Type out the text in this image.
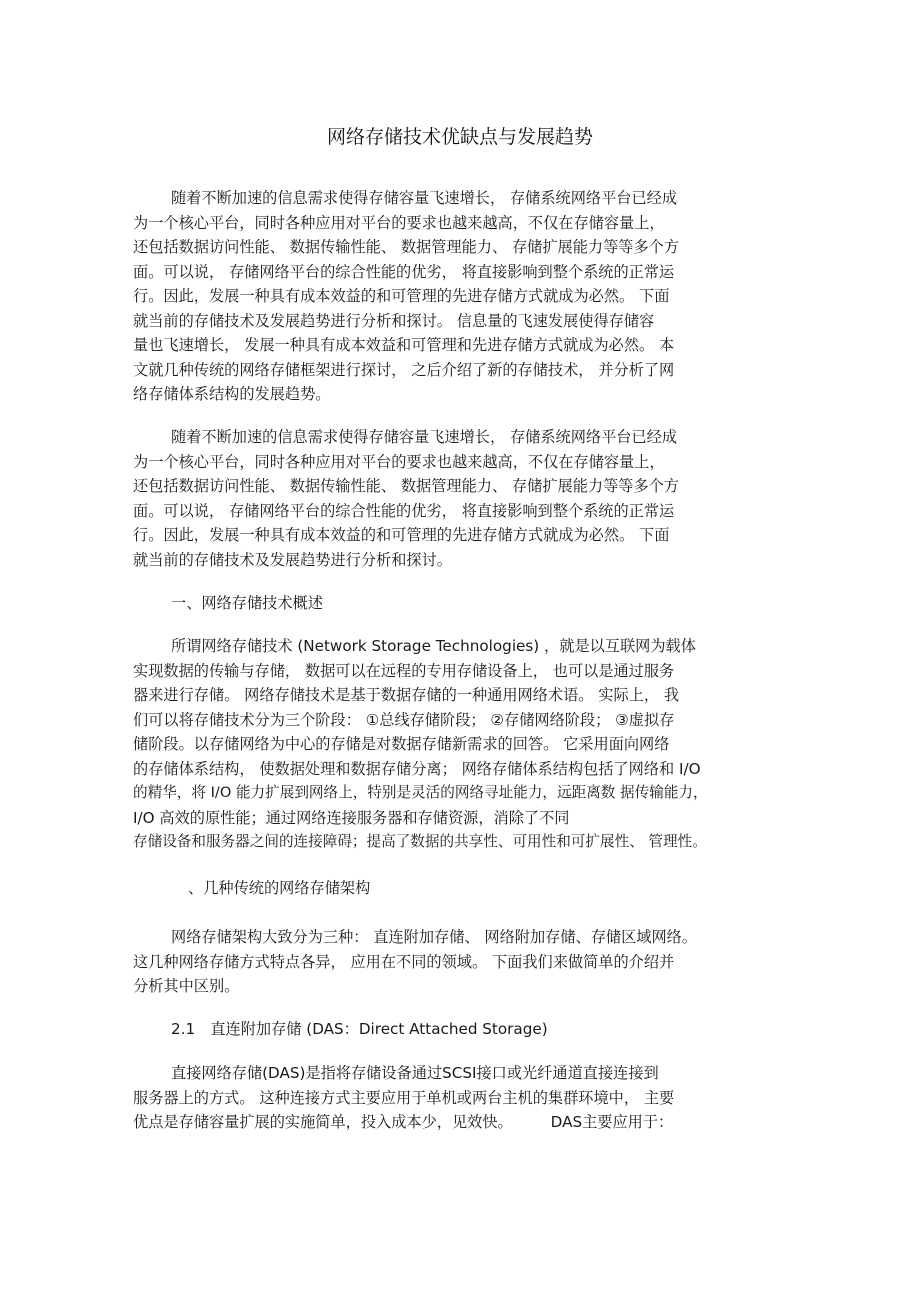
网络存储技术优缺点与发展趋势
随着不断加速的信息需求使得存储容量飞速增长， 存储系统网络平台已经成
为一个核心平台，同时各种应用对平台的要求也越来越高，不仅在存储容量上，
还包括数据访问性能、 数据传输性能、 数据管理能力、 存储扩展能力等等多个方
面。可以说， 存储网络平台的综合性能的优劣， 将直接影响到整个系统的正常运
行。因此，发展一种具有成本效益的和可管理的先进存储方式就成为必然。 下面
就当前的存储技术及发展趋势进行分析和探讨。 信息量的飞速发展使得存储容
量也飞速增长， 发展一种具有成本效益和可管理和先进存储方式就成为必然。 本
文就几种传统的网络存储框架进行探讨， 之后介绍了新的存储技术， 并分析了网
络存储体系结构的发展趋势。
随着不断加速的信息需求使得存储容量飞速增长， 存储系统网络平台已经成
为一个核心平台，同时各种应用对平台的要求也越来越高，不仅在存储容量上，
还包括数据访问性能、 数据传输性能、 数据管理能力、 存储扩展能力等等多个方
面。可以说， 存储网络平台的综合性能的优劣， 将直接影响到整个系统的正常运
行。因此，发展一种具有成本效益的和可管理的先进存储方式就成为必然。 下面
就当前的存储技术及发展趋势进行分析和探讨。
一、网络存储技术概述
所谓网络存储技术 (Network Storage Technologies) ，就是以互联网为载体
实现数据的传输与存储， 数据可以在远程的专用存储设备上， 也可以是通过服务
器来进行存储。 网络存储技术是基于数据存储的一种通用网络术语。 实际上， 我
们可以将存储技术分为三个阶段： ①总线存储阶段； ②存储网络阶段； ③虚拟存
储阶段。以存储网络为中心的存储是对数据存储新需求的回答。 它采用面向网络
的存储体系结构， 使数据处理和数据存储分离； 网络存储体系结构包括了网络和 I/O
的精华，将 I/O 能力扩展到网络上，特别是灵活的网络寻址能力，远距离数 据传输能力，
I/O 高效的原性能；通过网络连接服务器和存储资源，消除了不同
存储设备和服务器之间的连接障碍；提高了数据的共享性、可用性和可扩展性、 管理性。
、几种传统的网络存储架构
网络存储架构大致分为三种： 直连附加存储、 网络附加存储、存储区域网络。
这几种网络存储方式特点各异， 应用在不同的领域。 下面我们来做简单的介绍并
分析其中区别。
2.1　直连附加存储 (DAS：Direct Attached Storage)
直接网络存储(DAS)是指将存储设备通过SCSI接口或光纤通道直接连接到
服务器上的方式。 这种连接方式主要应用于单机或两台主机的集群环境中， 主要
优点是存储容量扩展的实施简单，投入成本少，见效快。　　　DAS主要应用于：
